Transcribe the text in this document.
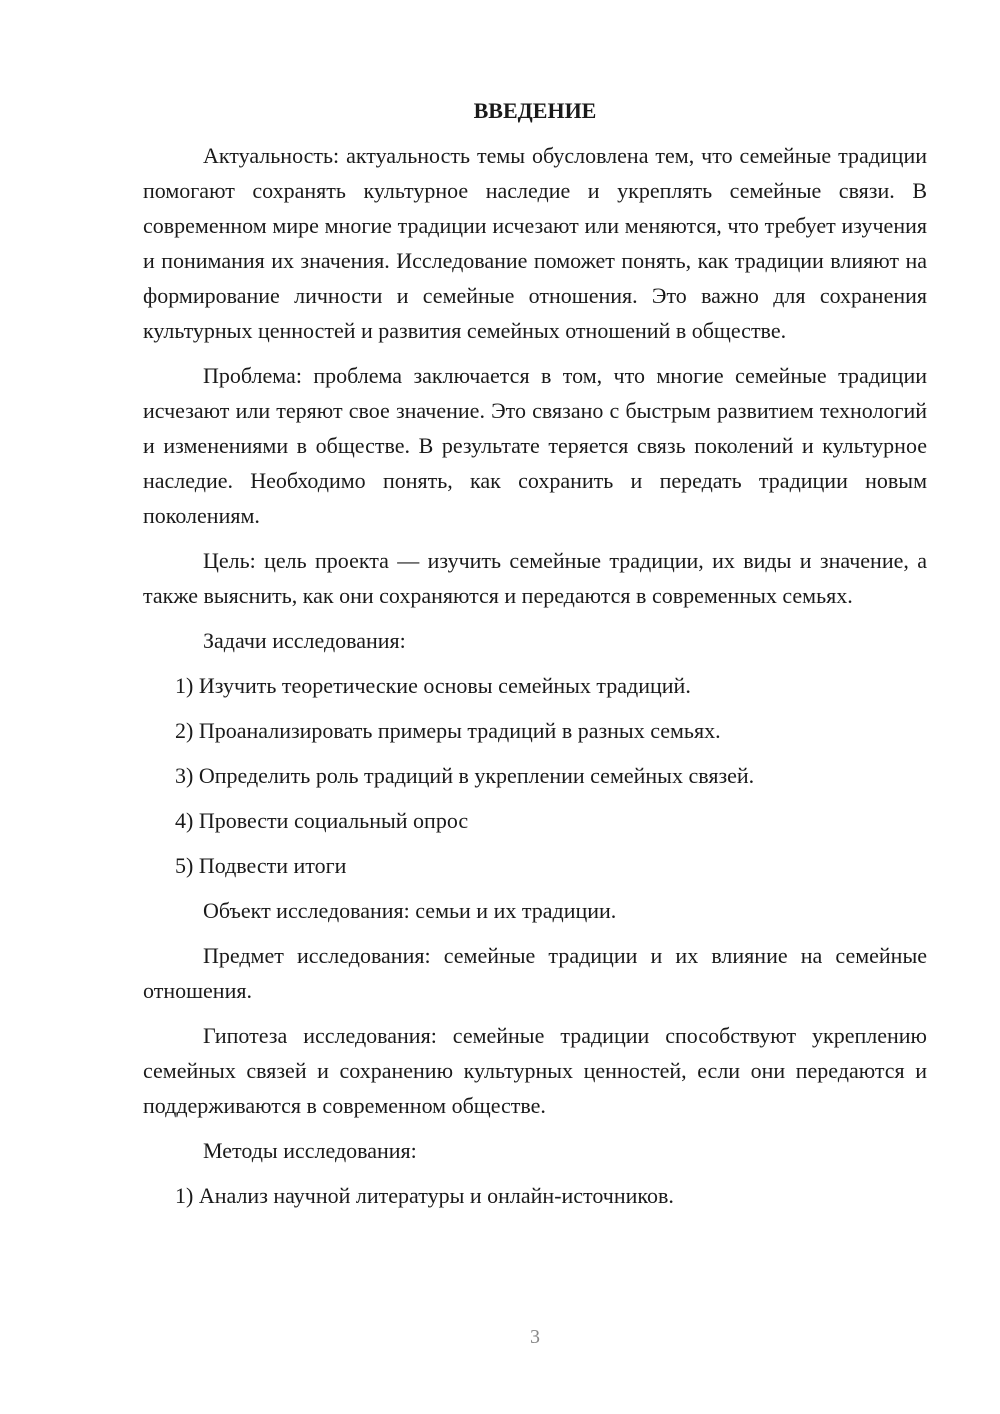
ВВЕДЕНИЕ

Актуальность: актуальность темы обусловлена тем, что семейные традиции помогают сохранять культурное наследие и укреплять семейные связи. В современном мире многие традиции исчезают или меняются, что требует изучения и понимания их значения. Исследование поможет понять, как традиции влияют на формирование личности и семейные отношения. Это важно для сохранения культурных ценностей и развития семейных отношений в обществе.

Проблема: проблема заключается в том, что многие семейные традиции исчезают или теряют свое значение. Это связано с быстрым развитием технологий и изменениями в обществе. В результате теряется связь поколений и культурное наследие. Необходимо понять, как сохранить и передать традиции новым поколениям.

Цель: цель проекта — изучить семейные традиции, их виды и значение, а также выяснить, как они сохраняются и передаются в современных семьях.

Задачи исследования:

1) Изучить теоретические основы семейных традиций.
2) Проанализировать примеры традиций в разных семьях.
3) Определить роль традиций в укреплении семейных связей.
4) Провести социальный опрос
5) Подвести итоги

Объект исследования: семьи и их традиции.

Предмет исследования: семейные традиции и их влияние на семейные отношения.

Гипотеза исследования: семейные традиции способствуют укреплению семейных связей и сохранению культурных ценностей, если они передаются и поддерживаются в современном обществе.

Методы исследования:

1) Анализ научной литературы и онлайн-источников.
3
